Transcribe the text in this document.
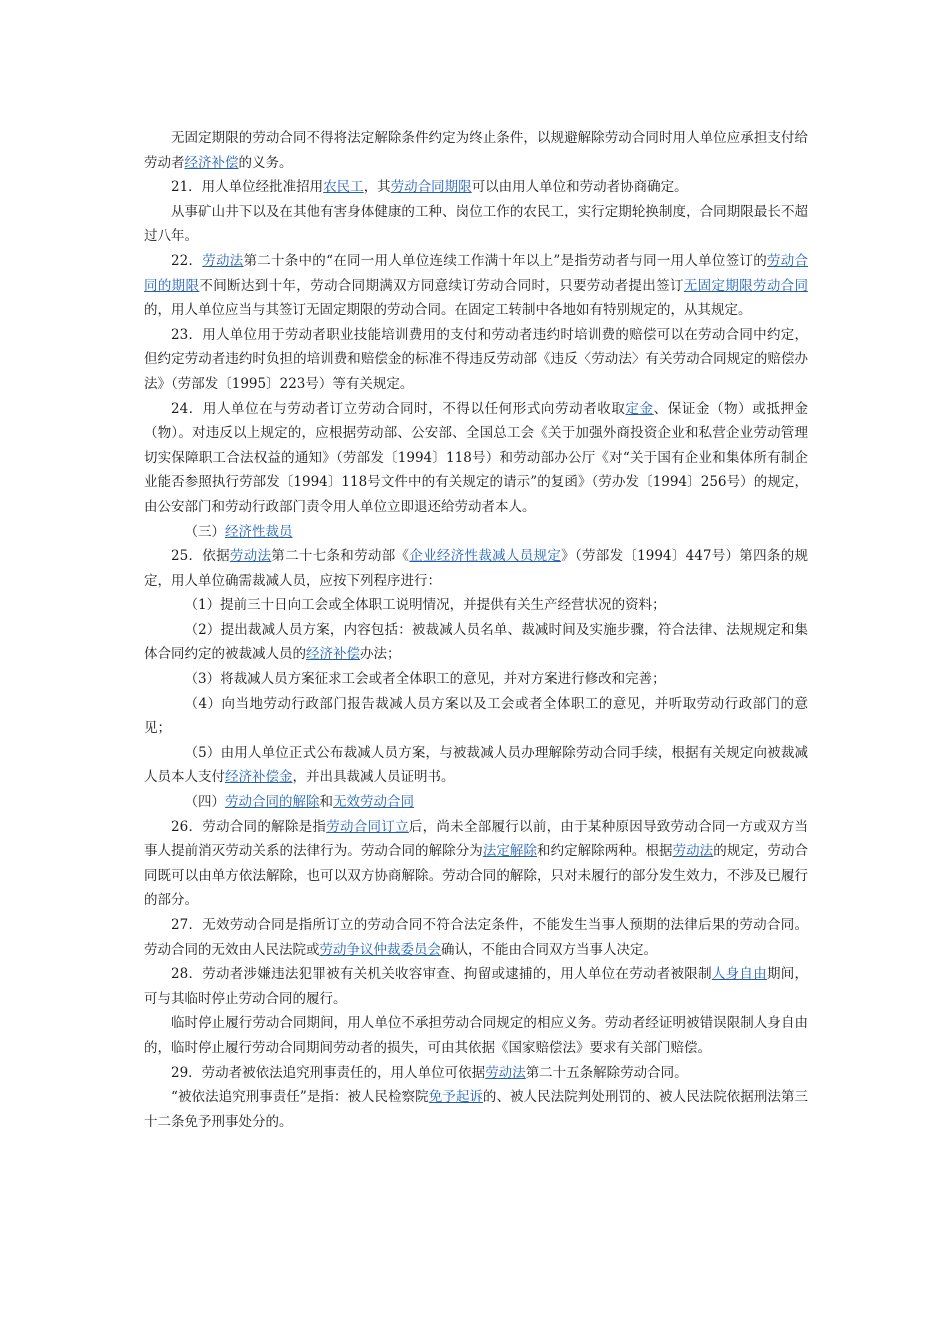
无固定期限的劳动合同不得将法定解除条件约定为终止条件，以规避解除劳动合同时用人单位应承担支付给劳动者经济补偿的义务。

21．用人单位经批准招用农民工，其劳动合同期限可以由用人单位和劳动者协商确定。

从事矿山井下以及在其他有害身体健康的工种、岗位工作的农民工，实行定期轮换制度，合同期限最长不超过八年。

22．劳动法第二十条中的“在同一用人单位连续工作满十年以上”是指劳动者与同一用人单位签订的劳动合同的期限不间断达到十年，劳动合同期满双方同意续订劳动合同时，只要劳动者提出签订无固定期限劳动合同的，用人单位应当与其签订无固定期限的劳动合同。在固定工转制中各地如有特别规定的，从其规定。

23．用人单位用于劳动者职业技能培训费用的支付和劳动者违约时培训费的赔偿可以在劳动合同中约定，但约定劳动者违约时负担的培训费和赔偿金的标准不得违反劳动部《违反〈劳动法〉有关劳动合同规定的赔偿办法》（劳部发〔1995〕223号）等有关规定。

24．用人单位在与劳动者订立劳动合同时，不得以任何形式向劳动者收取定金、保证金（物）或抵押金（物）。对违反以上规定的，应根据劳动部、公安部、全国总工会《关于加强外商投资企业和私营企业劳动管理切实保障职工合法权益的通知》（劳部发〔1994〕118号）和劳动部办公厅《对“关于国有企业和集体所有制企业能否参照执行劳部发〔1994〕118号文件中的有关规定的请示”的复函》（劳办发〔1994〕256号）的规定，由公安部门和劳动行政部门责令用人单位立即退还给劳动者本人。

（三）经济性裁员

25．依据劳动法第二十七条和劳动部《企业经济性裁减人员规定》（劳部发〔1994〕447号）第四条的规定，用人单位确需裁减人员，应按下列程序进行：

（1）提前三十日向工会或全体职工说明情况，并提供有关生产经营状况的资料；

（2）提出裁减人员方案，内容包括：被裁减人员名单、裁减时间及实施步骤，符合法律、法规规定和集体合同约定的被裁减人员的经济补偿办法；

（3）将裁减人员方案征求工会或者全体职工的意见，并对方案进行修改和完善；

（4）向当地劳动行政部门报告裁减人员方案以及工会或者全体职工的意见，并听取劳动行政部门的意见；

（5）由用人单位正式公布裁减人员方案，与被裁减人员办理解除劳动合同手续，根据有关规定向被裁减人员本人支付经济补偿金，并出具裁减人员证明书。

（四）劳动合同的解除和无效劳动合同

26．劳动合同的解除是指劳动合同订立后，尚未全部履行以前，由于某种原因导致劳动合同一方或双方当事人提前消灭劳动关系的法律行为。劳动合同的解除分为法定解除和约定解除两种。根据劳动法的规定，劳动合同既可以由单方依法解除，也可以双方协商解除。劳动合同的解除，只对未履行的部分发生效力，不涉及已履行的部分。

27．无效劳动合同是指所订立的劳动合同不符合法定条件，不能发生当事人预期的法律后果的劳动合同。劳动合同的无效由人民法院或劳动争议仲裁委员会确认，不能由合同双方当事人决定。

28．劳动者涉嫌违法犯罪被有关机关收容审查、拘留或逮捕的，用人单位在劳动者被限制人身自由期间，可与其临时停止劳动合同的履行。

临时停止履行劳动合同期间，用人单位不承担劳动合同规定的相应义务。劳动者经证明被错误限制人身自由的，临时停止履行劳动合同期间劳动者的损失，可由其依据《国家赔偿法》要求有关部门赔偿。

29．劳动者被依法追究刑事责任的，用人单位可依据劳动法第二十五条解除劳动合同。

“被依法追究刑事责任”是指：被人民检察院免予起诉的、被人民法院判处刑罚的、被人民法院依据刑法第三十二条免予刑事处分的。
